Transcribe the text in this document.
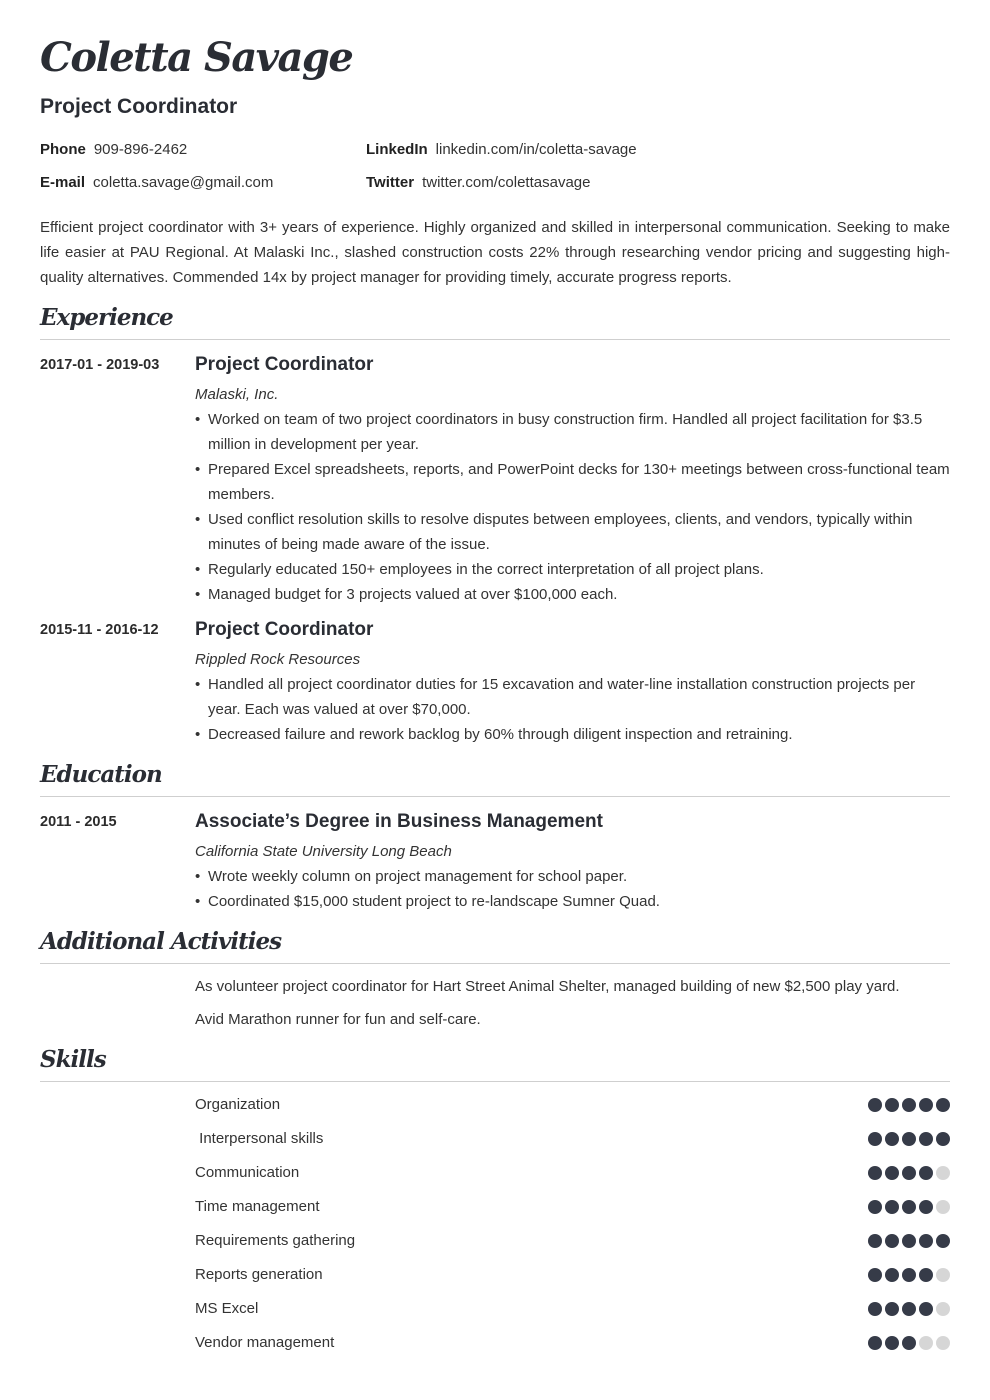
Coletta Savage
Project Coordinator
Phone 909-896-2462
E-mail coletta.savage@gmail.com
LinkedIn linkedin.com/in/coletta-savage
Twitter twitter.com/colettasavage

Efficient project coordinator with 3+ years of experience. Highly organized and skilled in interpersonal communication. Seeking to make life easier at PAU Regional. At Malaski Inc., slashed construction costs 22% through researching vendor pricing and suggesting high-quality alternatives. Commended 14x by project manager for providing timely, accurate progress reports.

Experience
2017-01 - 2019-03 Project Coordinator
Malaski, Inc.
• Worked on team of two project coordinators in busy construction firm. Handled all project facilitation for $3.5 million in development per year.
• Prepared Excel spreadsheets, reports, and PowerPoint decks for 130+ meetings between cross-functional team members.
• Used conflict resolution skills to resolve disputes between employees, clients, and vendors, typically within minutes of being made aware of the issue.
• Regularly educated 150+ employees in the correct interpretation of all project plans.
• Managed budget for 3 projects valued at over $100,000 each.
2015-11 - 2016-12 Project Coordinator
Rippled Rock Resources
• Handled all project coordinator duties for 15 excavation and water-line installation construction projects per year. Each was valued at over $70,000.
• Decreased failure and rework backlog by 60% through diligent inspection and retraining.
Education
2011 - 2015	Associate’s Degree in Business Management
California State University Long Beach
• Wrote weekly column on project management for school paper.
• Coordinated $15,000 student project to re-landscape Sumner Quad.
Additional Activities
As volunteer project coordinator for Hart Street Animal Shelter, managed building of new $2,500 play yard.
Avid Marathon runner for fun and self-care.
Skills
Organization
Interpersonal skills
Communication
Time management
Requirements gathering
Reports generation
MS Excel
Vendor management
